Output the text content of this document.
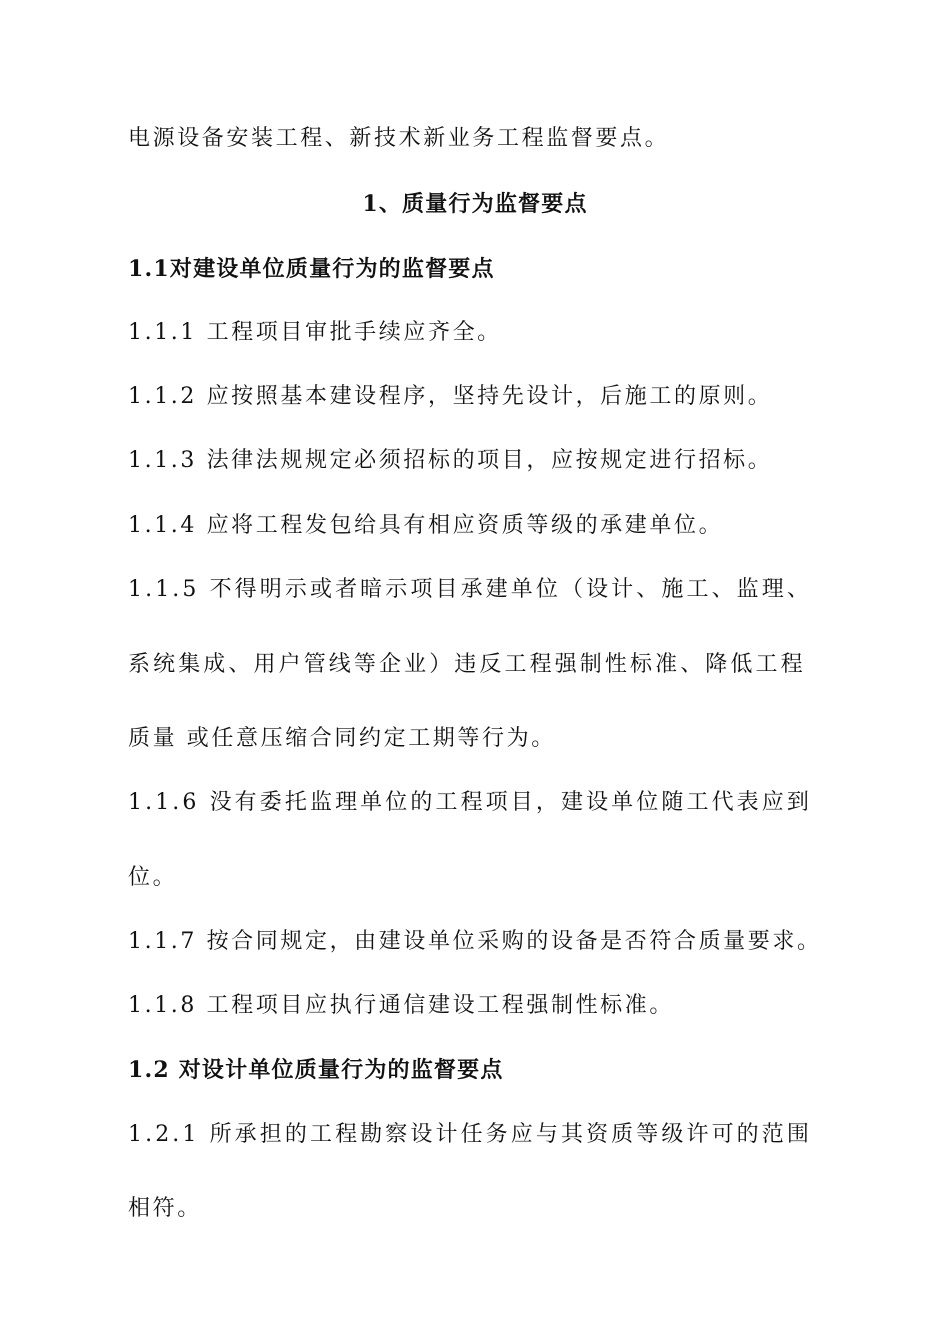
电源设备安装工程、新技术新业务工程监督要点。
1、质量行为监督要点
1.1对建设单位质量行为的监督要点
1.1.1 工程项目审批手续应齐全。
1.1.2 应按照基本建设程序，坚持先设计，后施工的原则。
1.1.3 法律法规规定必须招标的项目，应按规定进行招标。
1.1.4 应将工程发包给具有相应资质等级的承建单位。
1.1.5 不得明示或者暗示项目承建单位（设计、施工、监理、
系统集成、用户管线等企业）违反工程强制性标准、降低工程
质量 或任意压缩合同约定工期等行为。
1.1.6 没有委托监理单位的工程项目，建设单位随工代表应到
位。
1.1.7 按合同规定，由建设单位采购的设备是否符合质量要求。
1.1.8 工程项目应执行通信建设工程强制性标准。
1.2 对设计单位质量行为的监督要点
1.2.1 所承担的工程勘察设计任务应与其资质等级许可的范围
相符。
